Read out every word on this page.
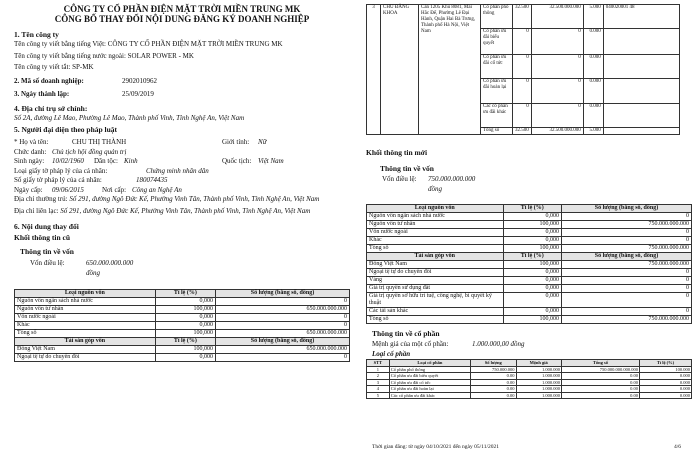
CÔNG TY CỔ PHẦN ĐIỆN MẶT TRỜI MIỀN TRUNG MK
CÔNG BỐ THAY ĐỔI NỘI DUNG ĐĂNG KÝ DOANH NGHIỆP
1. Tên công ty
Tên công ty viết bằng tiếng Việt: CÔNG TY CỔ PHẦN ĐIỆN MẶT TRỜI MIỀN TRUNG MK
Tên công ty viết bằng tiếng nước ngoài: SOLAR POWER - MK
Tên công ty viết tắt: SP-MK
2. Mã số doanh nghiệp:	2902010962
3. Ngày thành lập:	25/09/2019
4. Địa chỉ trụ sở chính:
Số 2A, đường Lê Mao, Phường Lê Mao, Thành phố Vinh, Tỉnh Nghệ An, Việt Nam
5. Người đại diện theo pháp luật
* Họ và tên:	CHU THỊ THÀNH	Giới tính:	Nữ
Chức danh: Chủ tịch hội đồng quản trị
Sinh ngày:	10/02/1960	Dân tộc: Kinh	Quốc tịch: Việt Nam
Loại giấy tờ pháp lý của cá nhân:	Chứng minh nhân dân
Số giấy tờ pháp lý của cá nhân:	180074435
Ngày cấp:	09/06/2015	Nơi cấp: Công an Nghệ An
Địa chỉ thường trú: Số 291, đường Ngô Đức Kế, Phường Vinh Tân, Thành phố Vinh, Tỉnh Nghệ An, Việt Nam
Địa chỉ liên lạc: Số 291, đường Ngô Đức Kế, Phường Vinh Tân, Thành phố Vinh, Tỉnh Nghệ An, Việt Nam
6. Nội dung thay đổi
Khối thông tin cũ
Thông tin về vốn
Vốn điều lệ:	650.000.000.000
đồng
Loại nguồn vốn	Tỉ lệ (%)	Số lượng (bằng số, đồng)
Nguồn vốn ngân sách nhà nước	0,000	0
Nguồn vốn tư nhân	100,000	650.000.000.000
Vốn nước ngoài	0,000	0
Khác	0,000	0
Tổng số	100,000	650.000.000.000
Tài sản góp vốn	Tỉ lệ (%)	Số lượng (bằng số, đồng)
Đồng Việt Nam	100,000	650.000.000.000
Ngoại tệ tự do chuyển đổi	0,000	0
3	CHU ĐĂNG KHOA	Căn 1205 Khu 8081, Mai Hắc Đế, Phường Lê Đại Hành, Quận Hai Bà Trưng, Thành phố Hà Nội, Việt Nam	Cổ phần phổ thông	32.500	32.500.000.000	5.000	040020001 48
			Cổ phần ưu đãi biểu quyết	0	0	0.000	
			Cổ phần ưu đãi cổ tức	0	0	0.000	
			Cổ phần ưu đãi hoàn lại	0	0	0.000	
			Các cổ phần ưu đãi khác	0	0	0.000	
			Tổng số	32.500	32.500.000.000	5.000	
Khối thông tin mới
Thông tin về vốn
Vốn điều lệ:	750.000.000.000
đồng
Loại nguồn vốn	Tỉ lệ (%)	Số lượng (bằng số, đồng)
Nguồn vốn ngân sách nhà nước	0,000	0
Nguồn vốn tư nhân	100,000	750.000.000.000
Vốn nước ngoài	0,000	0
Khác	0,000	0
Tổng số	100,000	750.000.000.000
Tài sản góp vốn	Tỉ lệ (%)	Số lượng (bằng số, đồng)
Đồng Việt Nam	100,000	750.000.000.000
Ngoại tệ tự do chuyển đổi	0,000	0
Vàng	0,000	0
Giá trị quyền sử dụng đất	0,000	0
Giá trị quyền sở hữu trí tuệ, công nghệ, bí quyết kỹ thuật	0,000	0
Các tài sản khác	0,000	0
Tổng số	100,000	750.000.000.000
Thông tin về cổ phần
Mệnh giá của một cổ phần:	1.000.000,00 đồng
Loại cổ phần
STT	Loại cổ phần	Số lượng	Mệnh giá	Tổng số	Tỉ lệ (%)
1	Cổ phần phổ thông	750.000.000	1.000.000	750.000.000.000.000	100.000
2	Cổ phần ưu đãi biểu quyết	0.00	1.000.000	0.00	0.000
3	Cổ phần ưu đãi cổ tức	0.00	1.000.000	0.00	0.000
4	Cổ phần ưu đãi hoàn lại	0.00	1.000.000	0.00	0.000
5	Các cổ phần ưu đãi khác	0.00	1.000.000	0.00	0.000
Thời gian đăng: từ ngày 04/10/2021 đến ngày 05/11/2021	4/6
